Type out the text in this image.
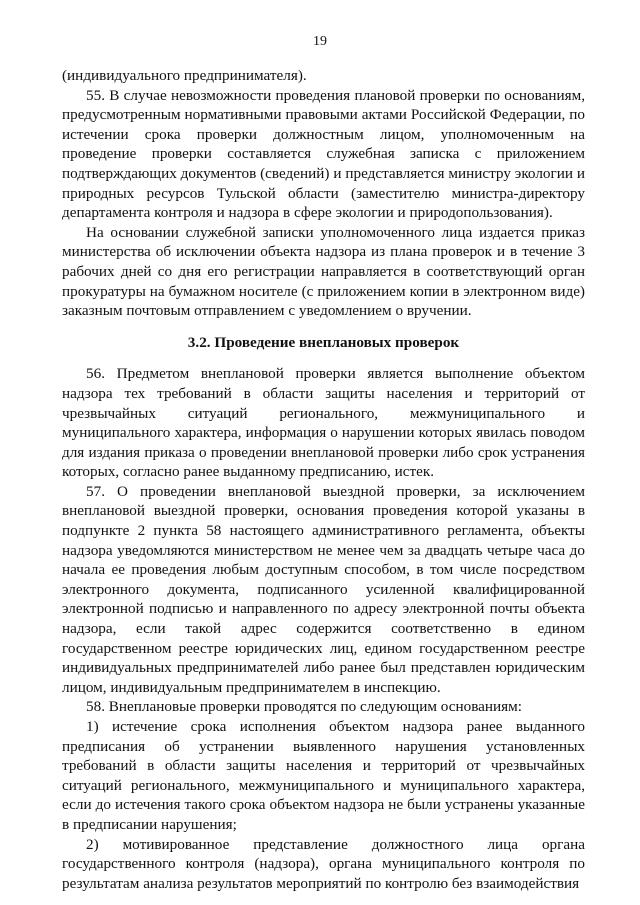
19

(индивидуального предпринимателя).

55. В случае невозможности проведения плановой проверки по основаниям, предусмотренным нормативными правовыми актами Российской Федерации, по истечении срока проверки должностным лицом, уполномоченным на проведение проверки составляется служебная записка с приложением подтверждающих документов (сведений) и представляется министру экологии и природных ресурсов Тульской области (заместителю министра-директору департамента контроля и надзора в сфере экологии и природопользования).

На основании служебной записки уполномоченного лица издается приказ министерства об исключении объекта надзора из плана проверок и в течение 3 рабочих дней со дня его регистрации направляется в соответствующий орган прокуратуры на бумажном носителе (с приложением копии в электронном виде) заказным почтовым отправлением с уведомлением о вручении.

3.2. Проведение внеплановых проверок

56. Предметом внеплановой проверки является выполнение объектом надзора тех требований в области защиты населения и территорий от чрезвычайных ситуаций регионального, межмуниципального и муниципального характера, информация о нарушении которых явилась поводом для издания приказа о проведении внеплановой проверки либо срок устранения которых, согласно ранее выданному предписанию, истек.

57. О проведении внеплановой выездной проверки, за исключением внеплановой выездной проверки, основания проведения которой указаны в подпункте 2 пункта 58 настоящего административного регламента, объекты надзора уведомляются министерством не менее чем за двадцать четыре часа до начала ее проведения любым доступным способом, в том числе посредством электронного документа, подписанного усиленной квалифицированной электронной подписью и направленного по адресу электронной почты объекта надзора, если такой адрес содержится соответственно в едином государственном реестре юридических лиц, едином государственном реестре индивидуальных предпринимателей либо ранее был представлен юридическим лицом, индивидуальным предпринимателем в инспекцию.

58. Внеплановые проверки проводятся по следующим основаниям:

1) истечение срока исполнения объектом надзора ранее выданного предписания об устранении выявленного нарушения установленных требований в области защиты населения и территорий от чрезвычайных ситуаций регионального, межмуниципального и муниципального характера, если до истечения такого срока объектом надзора не были устранены указанные в предписании нарушения;

2) мотивированное представление должностного лица органа государственного контроля (надзора), органа муниципального контроля по результатам анализа результатов мероприятий по контролю без взаимодействия
